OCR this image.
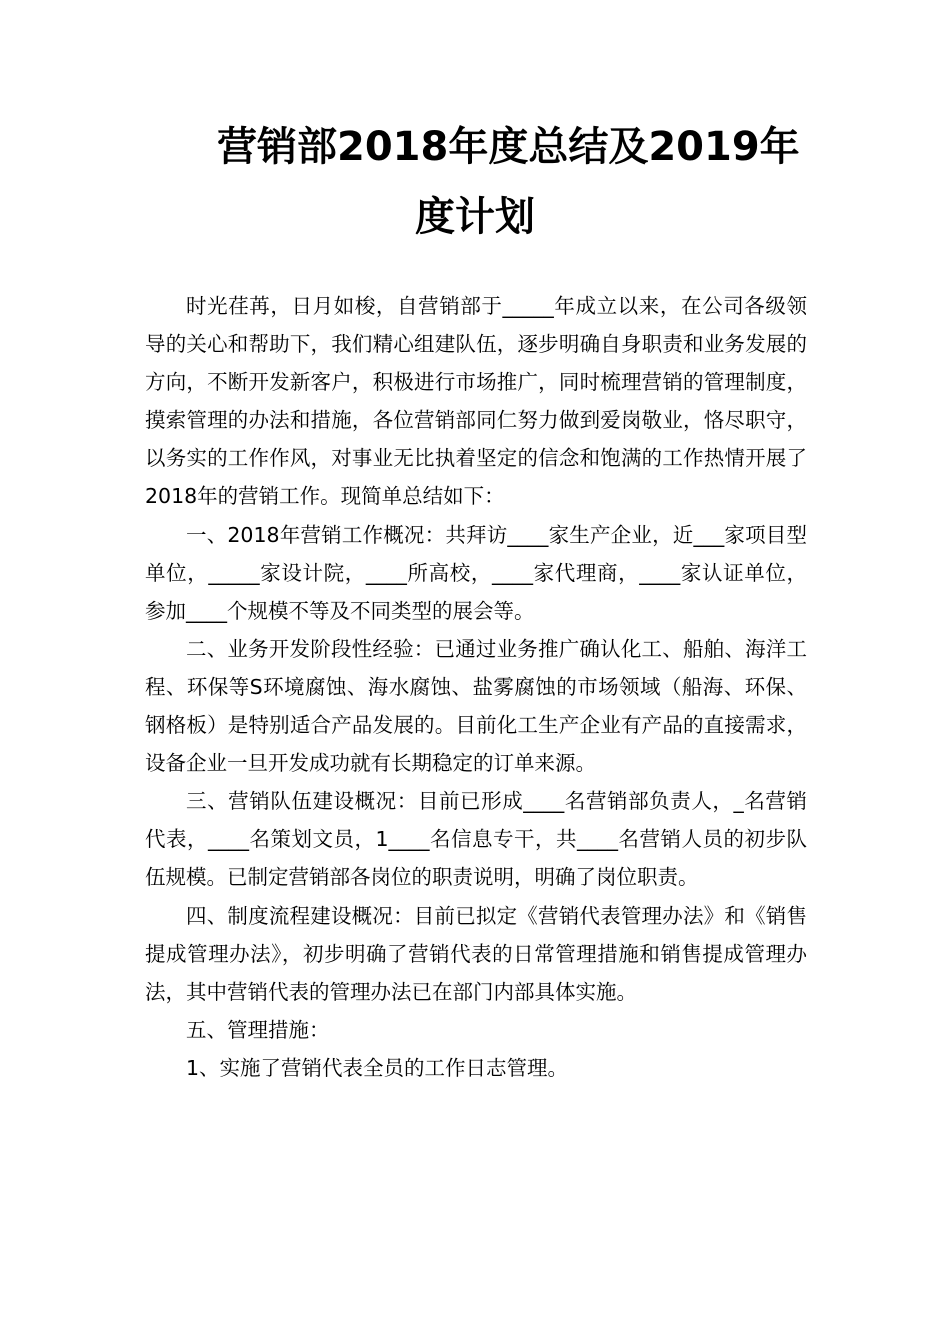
营销部2018年度总结及2019年
度计划

时光荏苒，日月如梭，自营销部于_____年成立以来，在公司各级领导的关心和帮助下，我们精心组建队伍，逐步明确自身职责和业务发展的方向，不断开发新客户，积极进行市场推广，同时梳理营销的管理制度，摸索管理的办法和措施，各位营销部同仁努力做到爱岗敬业，恪尽职守，以务实的工作作风，对事业无比执着坚定的信念和饱满的工作热情开展了 2018年的营销工作。现简单总结如下：

一、2018年营销工作概况：共拜访____家生产企业，近___家项目型单位，_____家设计院，____所高校，____家代理商，____家认证单位，参加____个规模不等及不同类型的展会等。

二、业务开发阶段性经验：已通过业务推广确认化工、船舶、海洋工程、环保等S环境腐蚀、海水腐蚀、盐雾腐蚀的市场领域（船海、环保、钢格板）是特别适合产品发展的。目前化工生产企业有产品的直接需求，设备企业一旦开发成功就有长期稳定的订单来源。

三、营销队伍建设概况：目前已形成____名营销部负责人，_名营销代表，____名策划文员，1____名信息专干，共____名营销人员的初步队伍规模。已制定营销部各岗位的职责说明，明确了岗位职责。

四、制度流程建设概况：目前已拟定《营销代表管理办法》和《销售提成管理办法》，初步明确了营销代表的日常管理措施和销售提成管理办法，其中营销代表的管理办法已在部门内部具体实施。

五、管理措施：

1、实施了营销代表全员的工作日志管理。
